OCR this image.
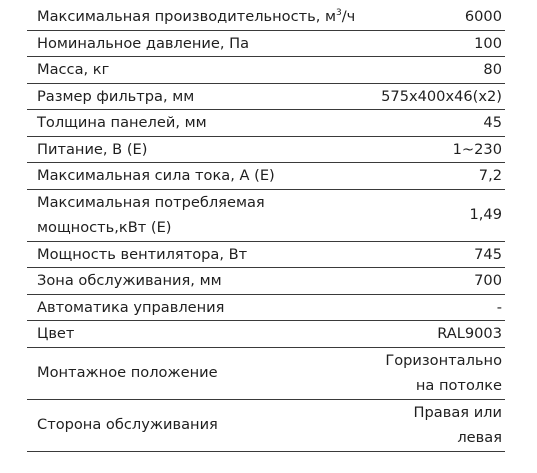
Максимальная производительность, $м^3/ч$	6000
Номинальное давление, Па	100
Масса, кг	80
Размер фильтра, мм	575х400х46(х2)
Толщина панелей, мм	45
Питание, В (Е)	1~230
Максимальная сила тока, А (Е)	7,2

Максимальная потребляемая
мощность,кВт (Е)	1,49
Мощность вентилятора, Вт	745
Зона обслуживания, мм	700
Автоматика управления	-
Цвет	RAL9003
Монтажное положение	Горизонтально
на потолке

Сторона обслуживания	Правая или
левая
